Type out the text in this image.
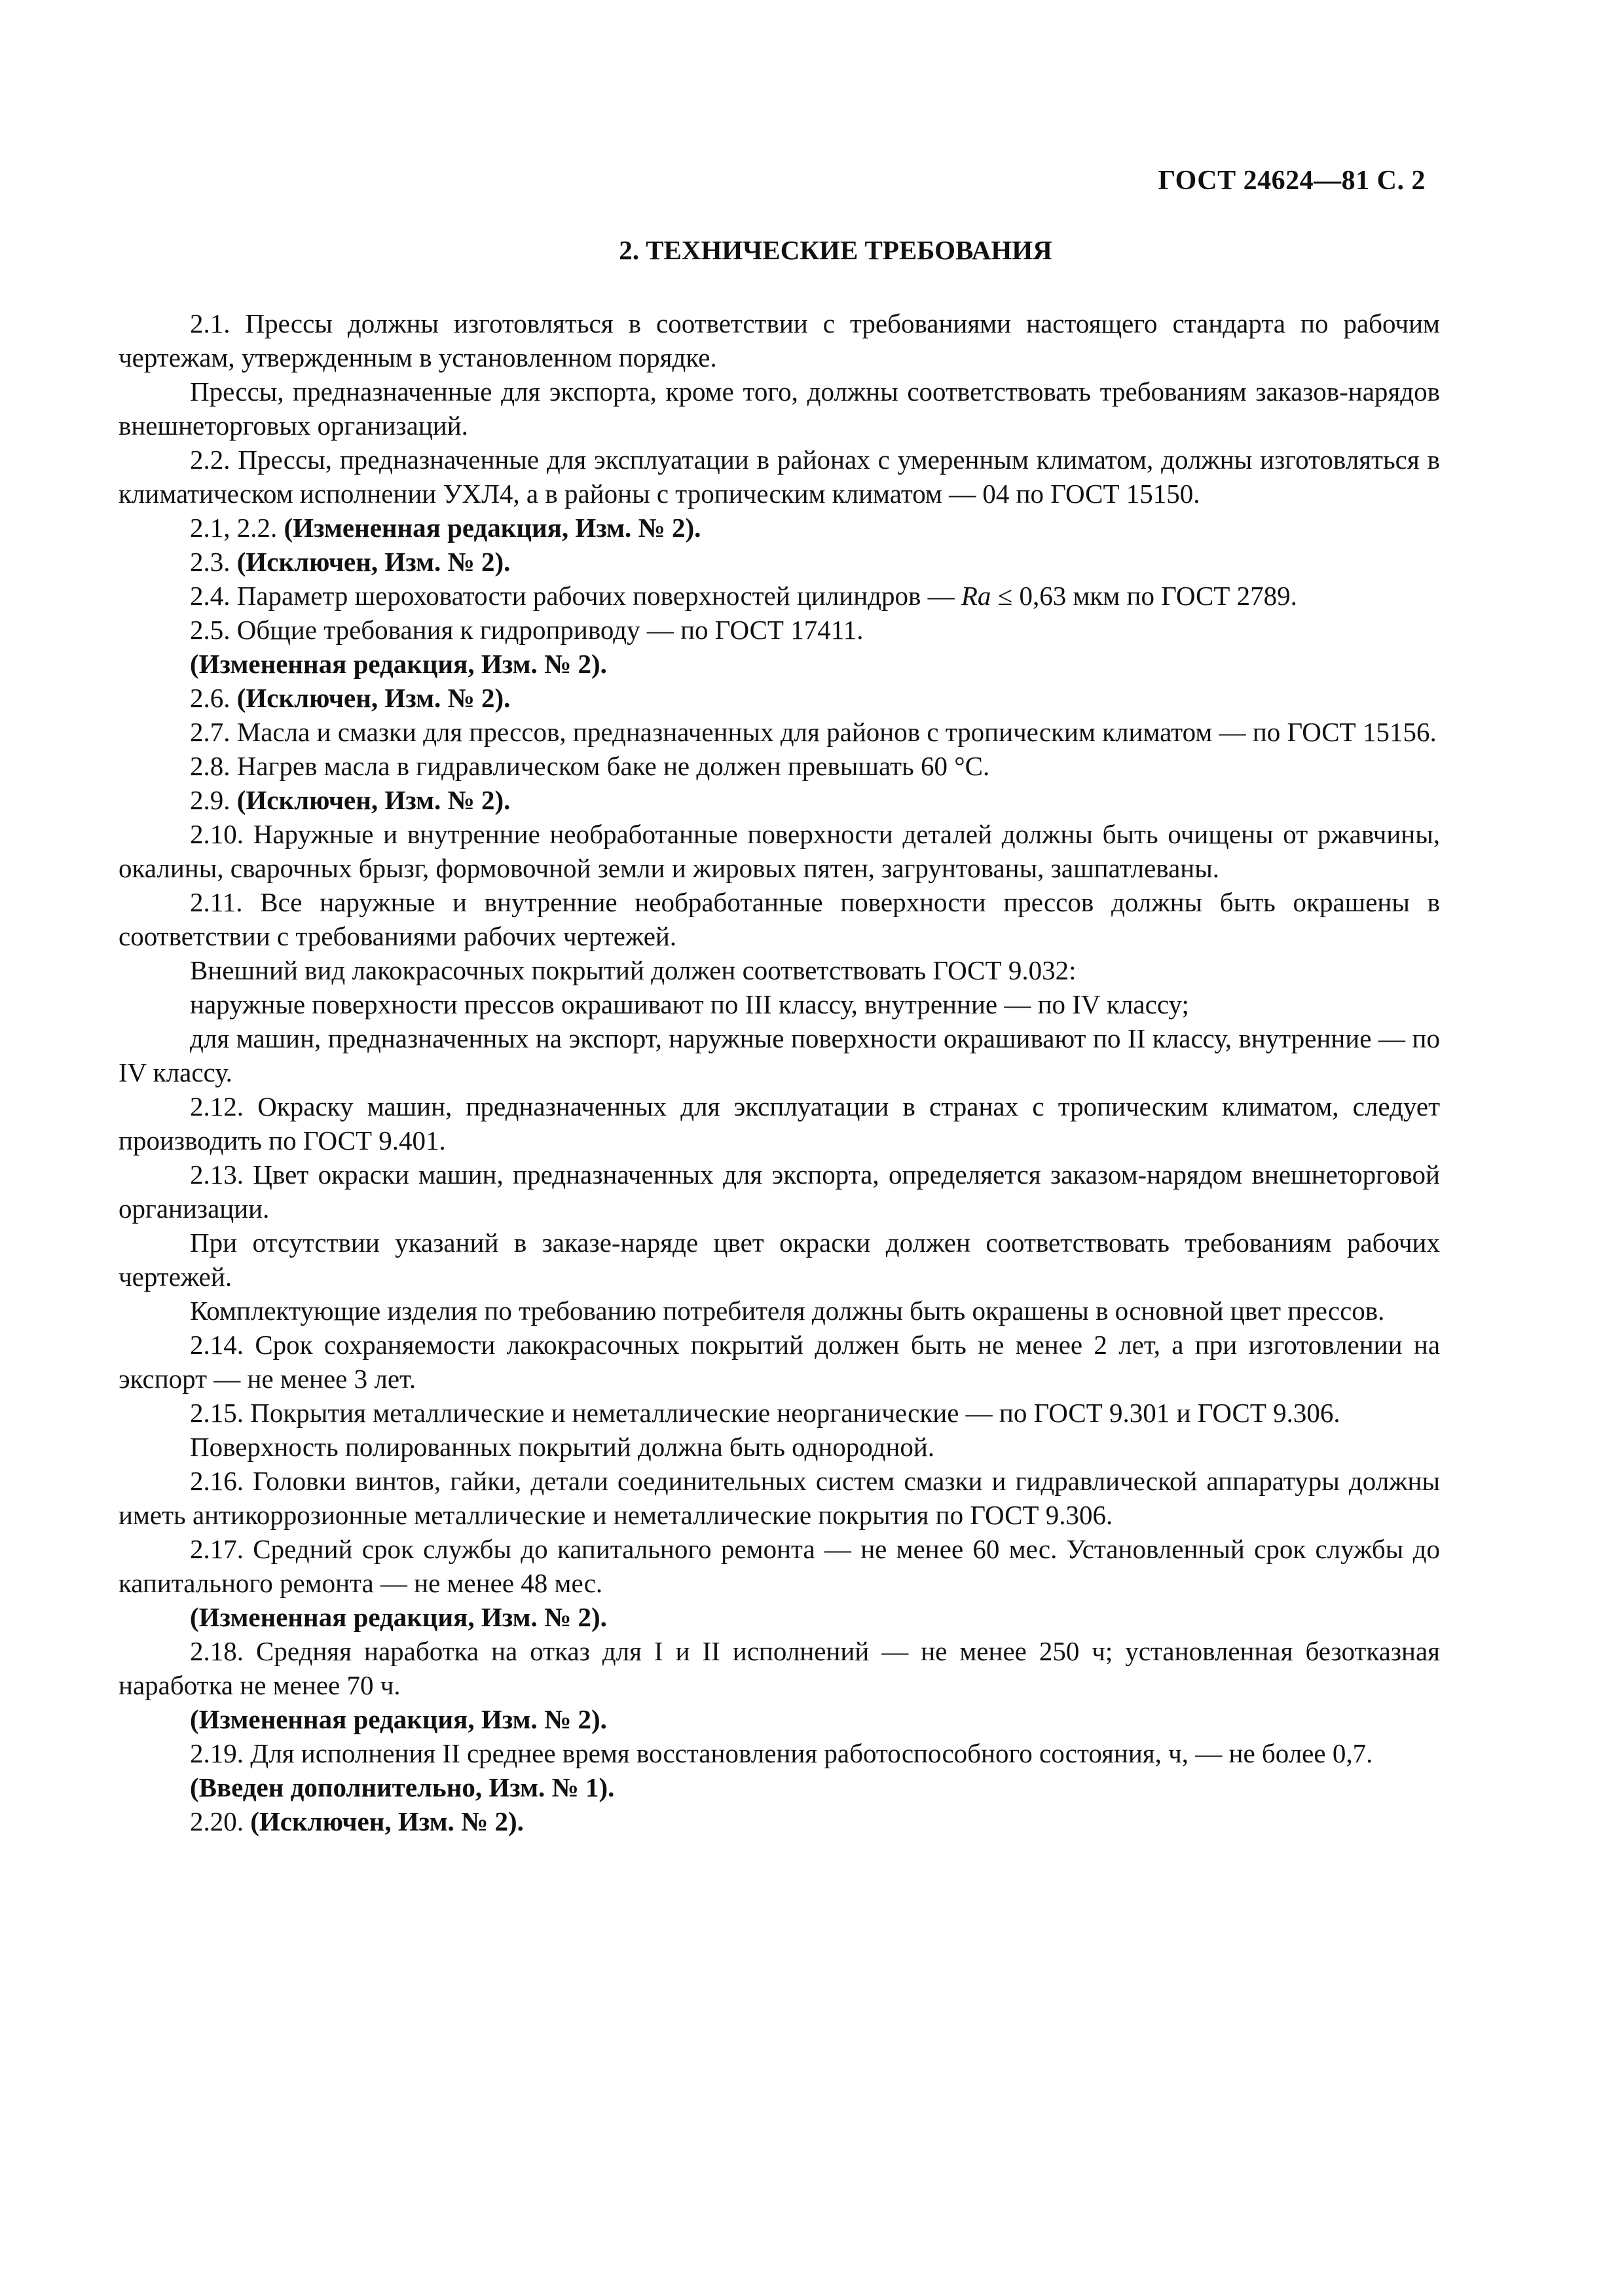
ГОСТ 24624—81 С. 2
2. ТЕХНИЧЕСКИЕ ТРЕБОВАНИЯ

2.1. Прессы должны изготовляться в соответствии с требованиями настоящего стандарта по рабочим чертежам, утвержденным в установленном порядке.

Прессы, предназначенные для экспорта, кроме того, должны соответствовать требованиям заказов-нарядов внешнеторговых организаций.

2.2. Прессы, предназначенные для эксплуатации в районах с умеренным климатом, должны изготовляться в климатическом исполнении УХЛ4, а в районы с тропическим климатом — 04 по ГОСТ 15150.

2.1, 2.2. (Измененная редакция, Изм. № 2).

2.3. (Исключен, Изм. № 2).

2.4. Параметр шероховатости рабочих поверхностей цилиндров — Ra ≤ 0,63 мкм по ГОСТ 2789.

2.5. Общие требования к гидроприводу — по ГОСТ 17411.

(Измененная редакция, Изм. № 2).

2.6. (Исключен, Изм. № 2).

2.7. Масла и смазки для прессов, предназначенных для районов с тропическим климатом — по ГОСТ 15156.

2.8. Нагрев масла в гидравлическом баке не должен превышать 60 °С.

2.9. (Исключен, Изм. № 2).

2.10. Наружные и внутренние необработанные поверхности деталей должны быть очищены от ржавчины, окалины, сварочных брызг, формовочной земли и жировых пятен, загрунтованы, зашпатлеваны.

2.11. Все наружные и внутренние необработанные поверхности прессов должны быть окрашены в соответствии с требованиями рабочих чертежей.

Внешний вид лакокрасочных покрытий должен соответствовать ГОСТ 9.032:

наружные поверхности прессов окрашивают по III классу, внутренние — по IV классу;

для машин, предназначенных на экспорт, наружные поверхности окрашивают по II классу, внутренние — по IV классу.

2.12. Окраску машин, предназначенных для эксплуатации в странах с тропическим климатом, следует производить по ГОСТ 9.401.

2.13. Цвет окраски машин, предназначенных для экспорта, определяется заказом-нарядом внешнеторговой организации.

При отсутствии указаний в заказе-наряде цвет окраски должен соответствовать требованиям рабочих чертежей.

Комплектующие изделия по требованию потребителя должны быть окрашены в основной цвет прессов.

2.14. Срок сохраняемости лакокрасочных покрытий должен быть не менее 2 лет, а при изготовлении на экспорт — не менее 3 лет.

2.15. Покрытия металлические и неметаллические неорганические — по ГОСТ 9.301 и ГОСТ 9.306.

Поверхность полированных покрытий должна быть однородной.

2.16. Головки винтов, гайки, детали соединительных систем смазки и гидравлической аппаратуры должны иметь антикоррозионные металлические и неметаллические покрытия по ГОСТ 9.306.

2.17. Средний срок службы до капитального ремонта — не менее 60 мес. Установленный срок службы до капитального ремонта — не менее 48 мес.

(Измененная редакция, Изм. № 2).

2.18. Средняя наработка на отказ для I и II исполнений — не менее 250 ч; установленная безотказная наработка не менее 70 ч.

(Измененная редакция, Изм. № 2).

2.19. Для исполнения II среднее время восстановления работоспособного состояния, ч, — не более 0,7.

(Введен дополнительно, Изм. № 1).

2.20. (Исключен, Изм. № 2).
